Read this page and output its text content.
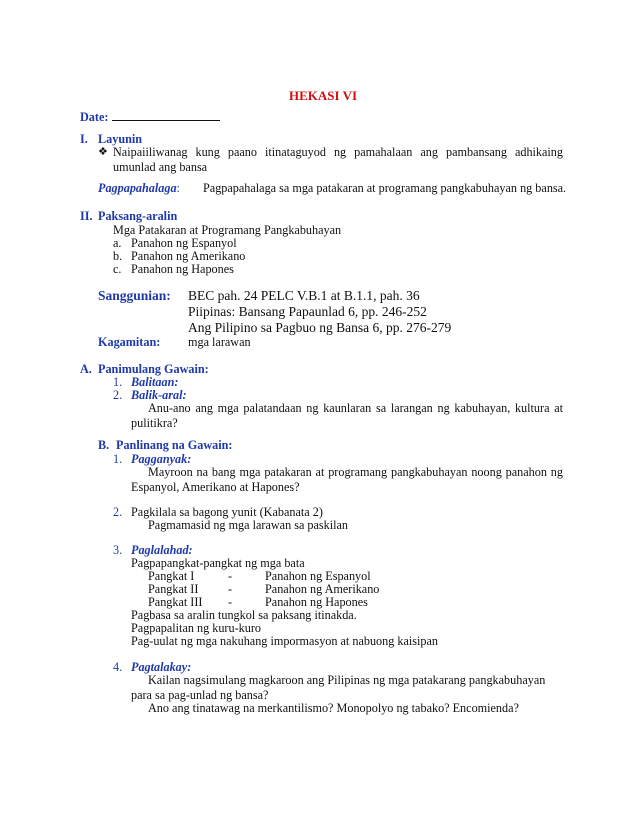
HEKASI VI
Date:
I. Layunin
❖ Naipaiiliwanag kung paano itinataguyod ng pamahalaan ang pambansang adhikaing umunlad ang bansa
Pagpapahalaga: Pagpapahalaga sa mga patakaran at programang pangkabuhayan ng bansa.
II. Paksang-aralin
Mga Patakaran at Programang Pangkabuhayan
a. Panahon ng Espanyol
b. Panahon ng Amerikano
c. Panahon ng Hapones
Sanggunian: BEC pah. 24 PELC V.B.1 at B.1.1, pah. 36
Piipinas: Bansang Papaunlad 6, pp. 246-252
Ang Pilipino sa Pagbuo ng Bansa 6, pp. 276-279
Kagamitan: mga larawan
A. Panimulang Gawain:
1. Balitaan:
2. Balik-aral:
Anu-ano ang mga palatandaan ng kaunlaran sa larangan ng kabuhayan, kultura at pulitikra?
B. Panlinang na Gawain:
1. Pagganyak:
Mayroon na bang mga patakaran at programang pangkabuhayan noong panahon ng Espanyol, Amerikano at Hapones?
2. Pagkilala sa bagong yunit (Kabanata 2)
Pagmamasid ng mga larawan sa paskilan
3. Paglalahad:
Pagpapangkat-pangkat ng mga bata
Pangkat I	-	Panahon ng Espanyol
Pangkat II -	Panahon ng Amerikano
Pangkat III -	Panahon ng Hapones
Pagbasa sa aralin tungkol sa paksang itinakda.
Pagpapalitan ng kuru-kuro
Pag-uulat ng mga nakuhang impormasyon at nabuong kaisipan
4. Pagtalakay:
Kailan nagsimulang magkaroon ang Pilipinas ng mga patakarang pangkabuhayan para sa pag-unlad ng bansa?
Ano ang tinatawag na merkantilismo? Monopolyo ng tabako? Encomienda?
